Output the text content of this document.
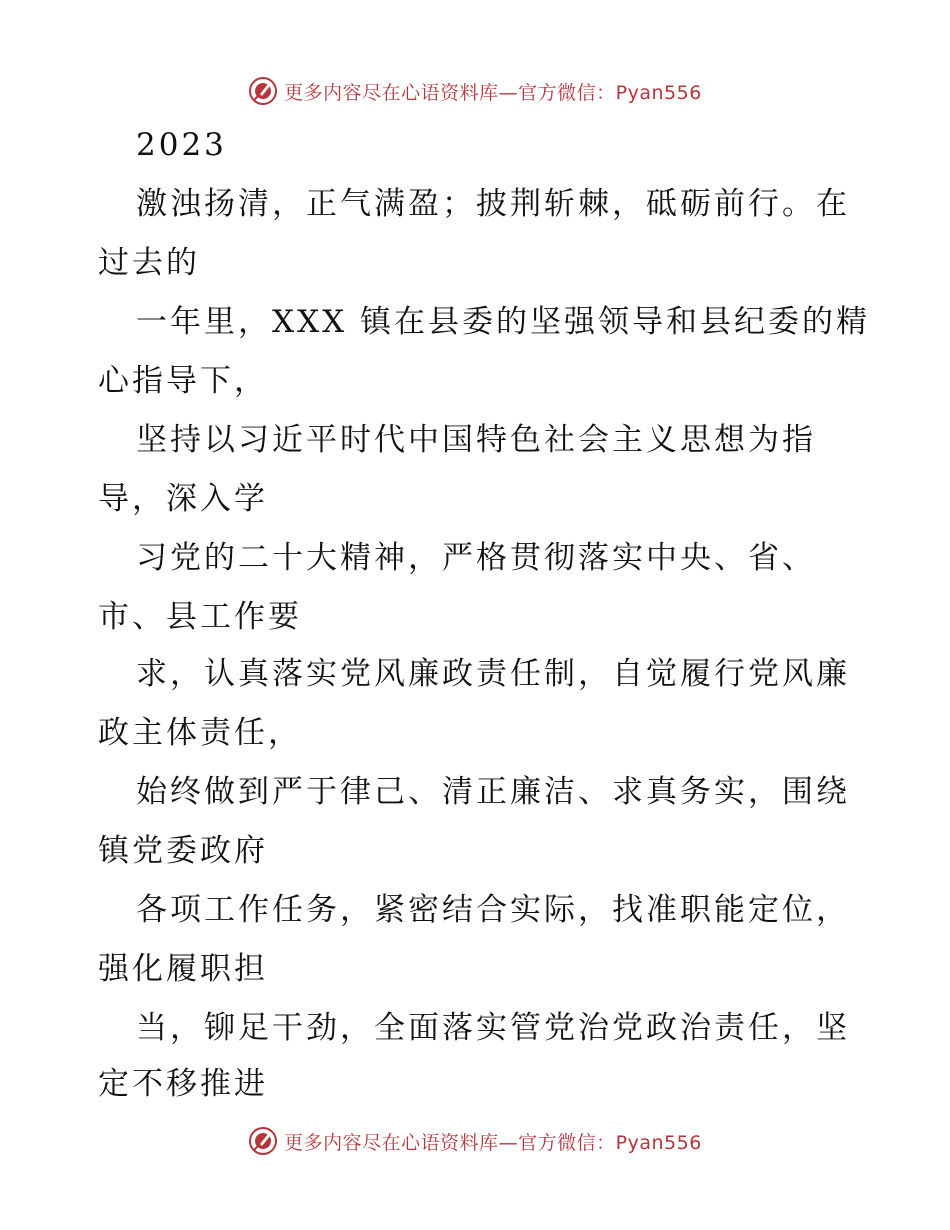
更多内容尽在心语资料库—官方微信：Pyan556
2023
激浊扬清，正气满盈；披荆斩棘，砥砺前行。在
过去的
一年里，XXX 镇在县委的坚强领导和县纪委的精
心指导下，
坚持以习近平时代中国特色社会主义思想为指
导，深入学
习党的二十大精神，严格贯彻落实中央、省、
市、县工作要
求，认真落实党风廉政责任制，自觉履行党风廉
政主体责任，
始终做到严于律己、清正廉洁、求真务实，围绕
镇党委政府
各项工作任务，紧密结合实际，找准职能定位，
强化履职担
当，铆足干劲，全面落实管党治党政治责任，坚
定不移推进
更多内容尽在心语资料库—官方微信：Pyan556
